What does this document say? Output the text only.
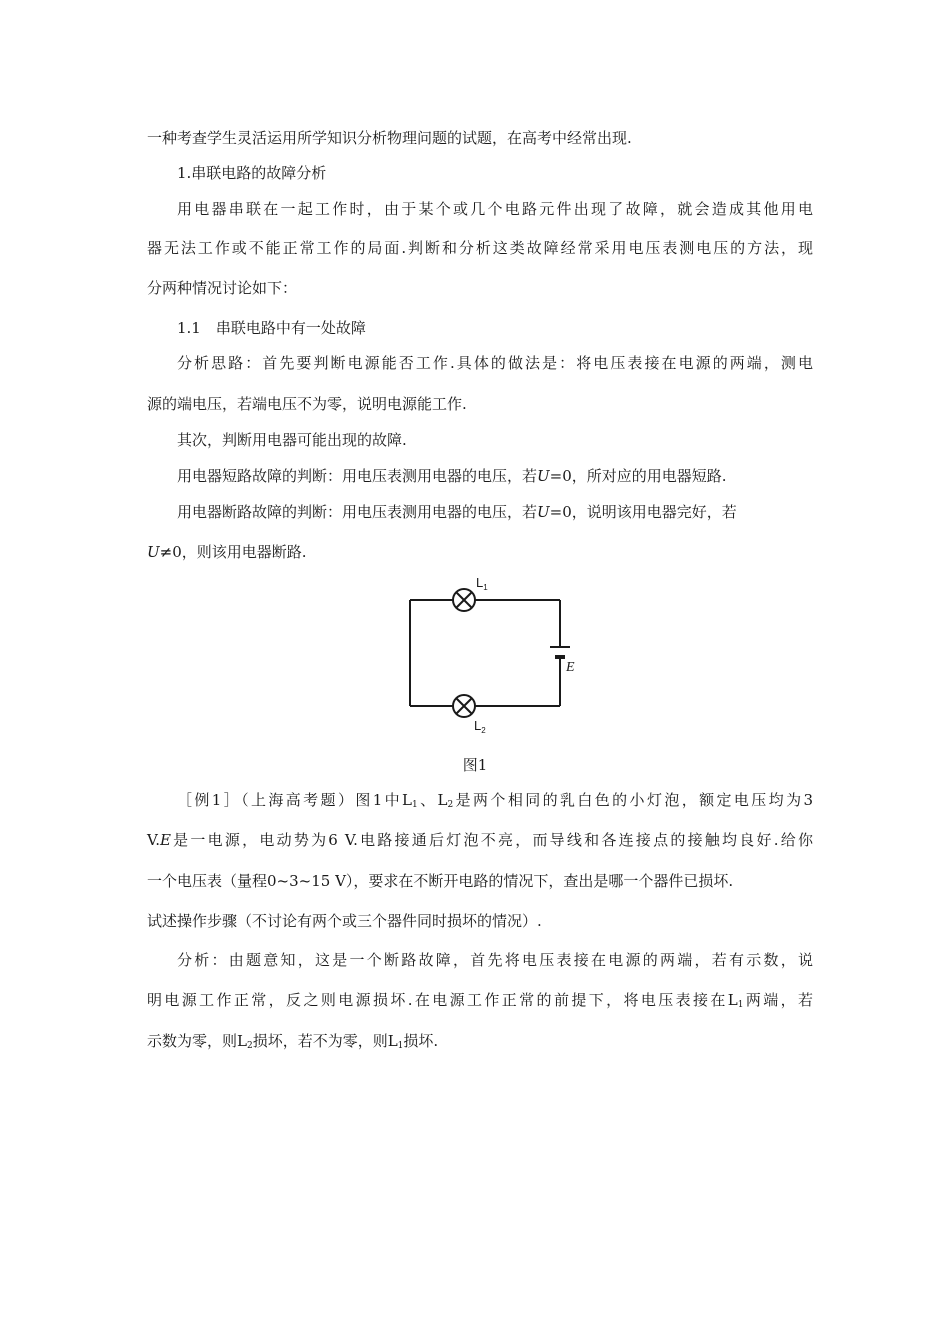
一种考查学生灵活运用所学知识分析物理问题的试题，在高考中经常出现.
1.串联电路的故障分析
用电器串联在一起工作时，由于某个或几个电路元件出现了故障，就会造成其他用电
器无法工作或不能正常工作的局面.判断和分析这类故障经常采用电压表测电压的方法，现
分两种情况讨论如下：
1.1　串联电路中有一处故障
分析思路：首先要判断电源能否工作.具体的做法是：将电压表接在电源的两端，测电
源的端电压，若端电压不为零，说明电源能工作.
其次，判断用电器可能出现的故障.
用电器短路故障的判断：用电压表测用电器的电压，若U=0，所对应的用电器短路.
用电器断路故障的判断：用电压表测用电器的电压，若U=0，说明该用电器完好，若
U≠0，则该用电器断路.
$L_1$
$L_2$
E
图1
［例1］（上海高考题）图1中$L_1$、$L_2$是两个相同的乳白色的小灯泡，额定电压均为3
V.E是一电源，电动势为6 V.电路接通后灯泡不亮，而导线和各连接点的接触均良好.给你
一个电压表（量程0~3~15 V），要求在不断开电路的情况下，查出是哪一个器件已损坏.
试述操作步骤（不讨论有两个或三个器件同时损坏的情况）.
分析：由题意知，这是一个断路故障，首先将电压表接在电源的两端，若有示数，说
明电源工作正常，反之则电源损坏.在电源工作正常的前提下，将电压表接在$L_1$两端，若
示数为零，则$L_2$损坏，若不为零，则$L_1$损坏.
